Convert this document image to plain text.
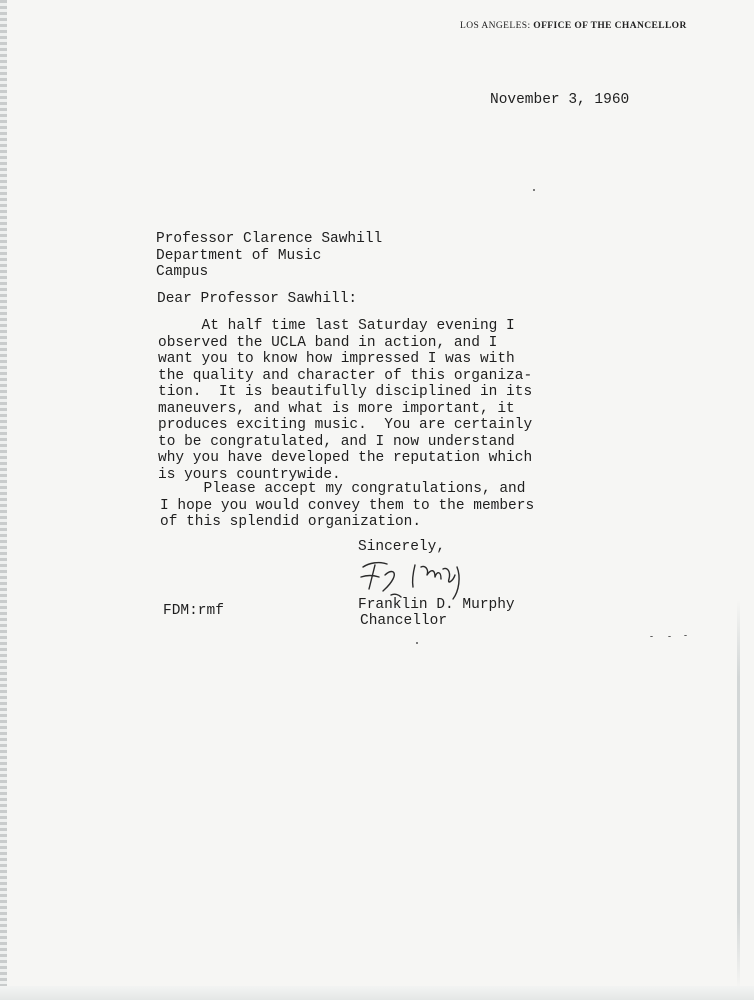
LOS ANGELES: OFFICE OF THE CHANCELLOR
November 3, 1960
Professor Clarence Sawhill
Department of Music
Campus
Dear Professor Sawhill:
At half time last Saturday evening I
observed the UCLA band in action, and I
want you to know how impressed I was with
the quality and character of this organiza-
tion.  It is beautifully disciplined in its
maneuvers, and what is more important, it
produces exciting music.  You are certainly
to be congratulated, and I now understand
why you have developed the reputation which
is yours countrywide.
Please accept my congratulations, and
I hope you would convey them to the members
of this splendid organization.
Sincerely,
Franklin D. Murphy
Chancellor
FDM:rmf
